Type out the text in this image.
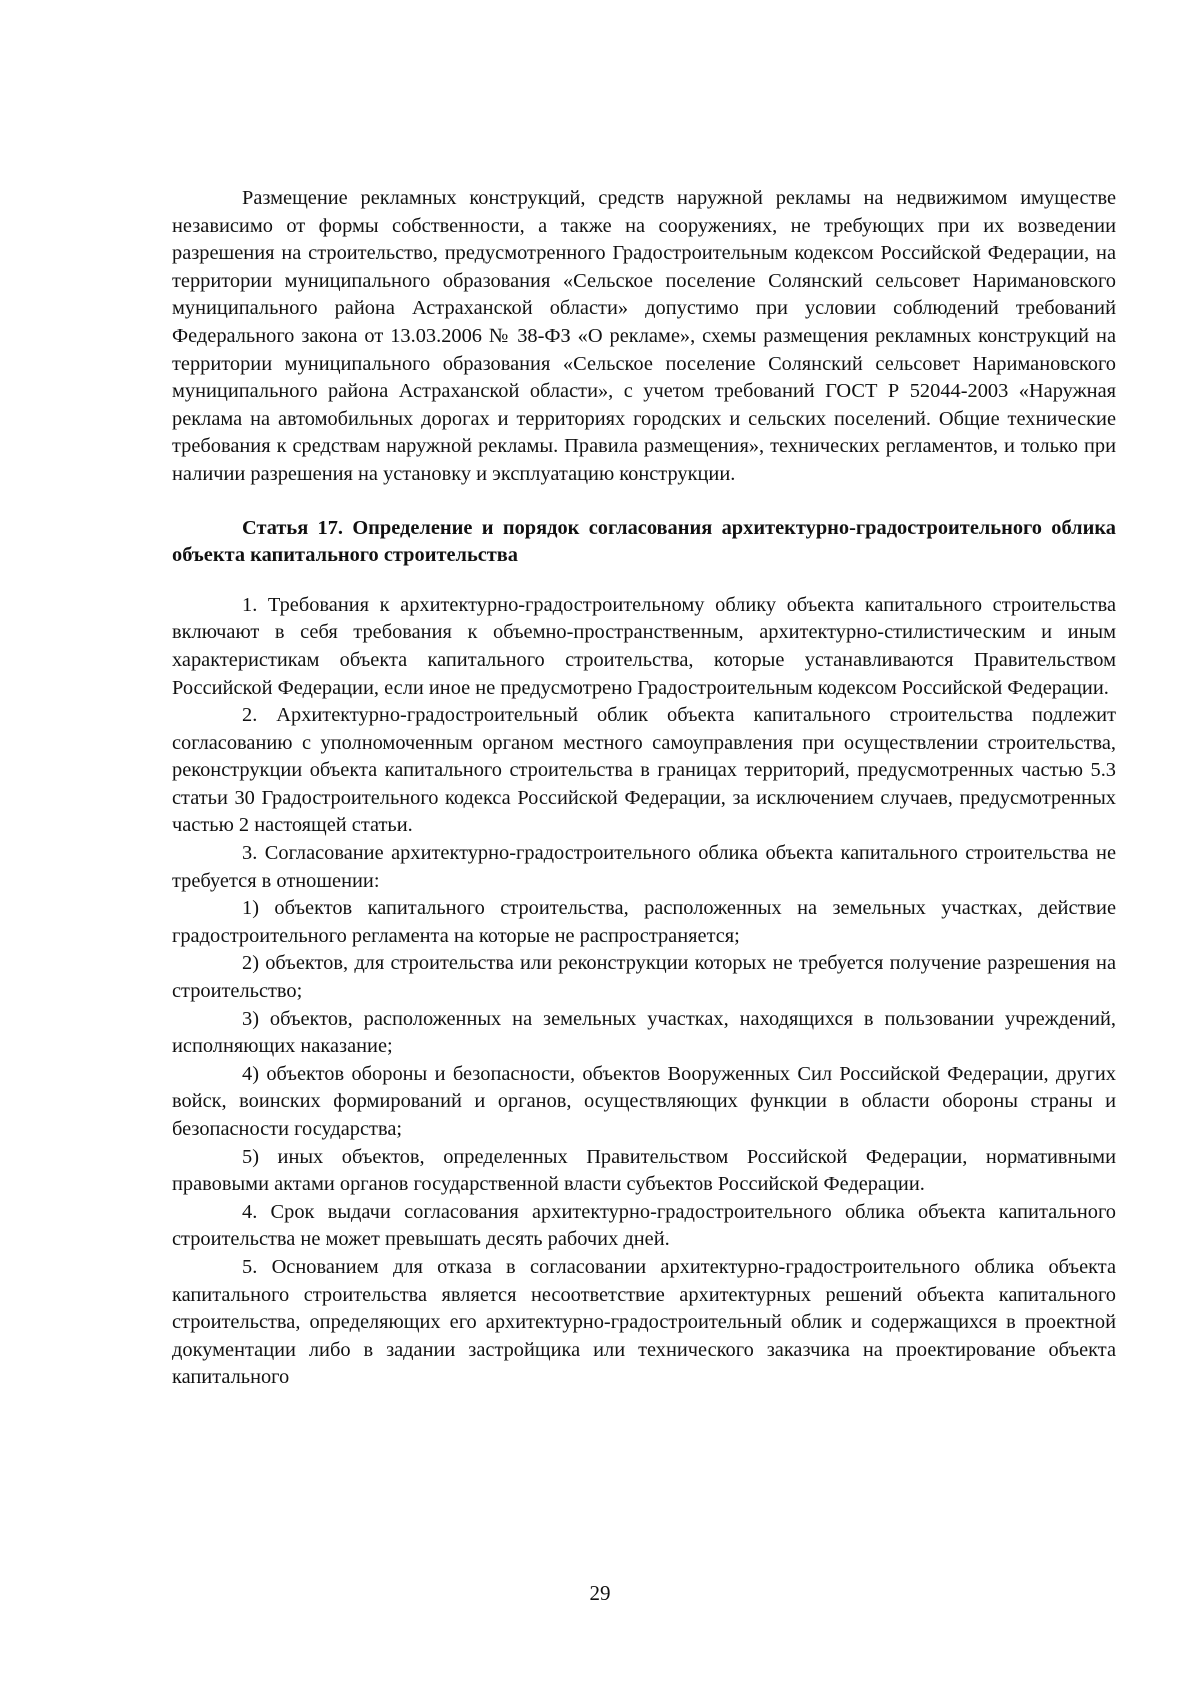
Размещение рекламных конструкций, средств наружной рекламы на недвижимом имуществе независимо от формы собственности, а также на сооружениях, не требующих при их возведении разрешения на строительство, предусмотренного Градостроительным кодексом Российской Федерации, на территории муниципального образования «Сельское поселение Солянский сельсовет Наримановского муниципального района Астраханской области» допустимо при условии соблюдений требований Федерального закона от 13.03.2006 № 38-ФЗ «О рекламе», схемы размещения рекламных конструкций на территории муниципального образования «Сельское поселение Солянский сельсовет Наримановского муниципального района Астраханской области», с учетом требований ГОСТ Р 52044-2003 «Наружная реклама на автомобильных дорогах и территориях городских и сельских поселений. Общие технические требования к средствам наружной рекламы. Правила размещения», технических регламентов, и только при наличии разрешения на установку и эксплуатацию конструкции.

Статья 17. Определение и порядок согласования архитектурно-градостроительного облика объекта капитального строительства

1. Требования к архитектурно-градостроительному облику объекта капитального строительства включают в себя требования к объемно-пространственным, архитектурно-стилистическим и иным характеристикам объекта капитального строительства, которые устанавливаются Правительством Российской Федерации, если иное не предусмотрено Градостроительным кодексом Российской Федерации.

2. Архитектурно-градостроительный облик объекта капитального строительства подлежит согласованию с уполномоченным органом местного самоуправления при осуществлении строительства, реконструкции объекта капитального строительства в границах территорий, предусмотренных частью 5.3 статьи 30 Градостроительного кодекса Российской Федерации, за исключением случаев, предусмотренных частью 2 настоящей статьи.

3. Согласование архитектурно-градостроительного облика объекта капитального строительства не требуется в отношении:

1) объектов капитального строительства, расположенных на земельных участках, действие градостроительного регламента на которые не распространяется;

2) объектов, для строительства или реконструкции которых не требуется получение разрешения на строительство;

3) объектов, расположенных на земельных участках, находящихся в пользовании учреждений, исполняющих наказание;

4) объектов обороны и безопасности, объектов Вооруженных Сил Российской Федерации, других войск, воинских формирований и органов, осуществляющих функции в области обороны страны и безопасности государства;

5) иных объектов, определенных Правительством Российской Федерации, нормативными правовыми актами органов государственной власти субъектов Российской Федерации.

4. Срок выдачи согласования архитектурно-градостроительного облика объекта капитального строительства не может превышать десять рабочих дней.

5. Основанием для отказа в согласовании архитектурно-градостроительного облика объекта капитального строительства является несоответствие архитектурных решений объекта капитального строительства, определяющих его архитектурно-градостроительный облик и содержащихся в проектной документации либо в задании застройщика или технического заказчика на проектирование объекта капитального

29
